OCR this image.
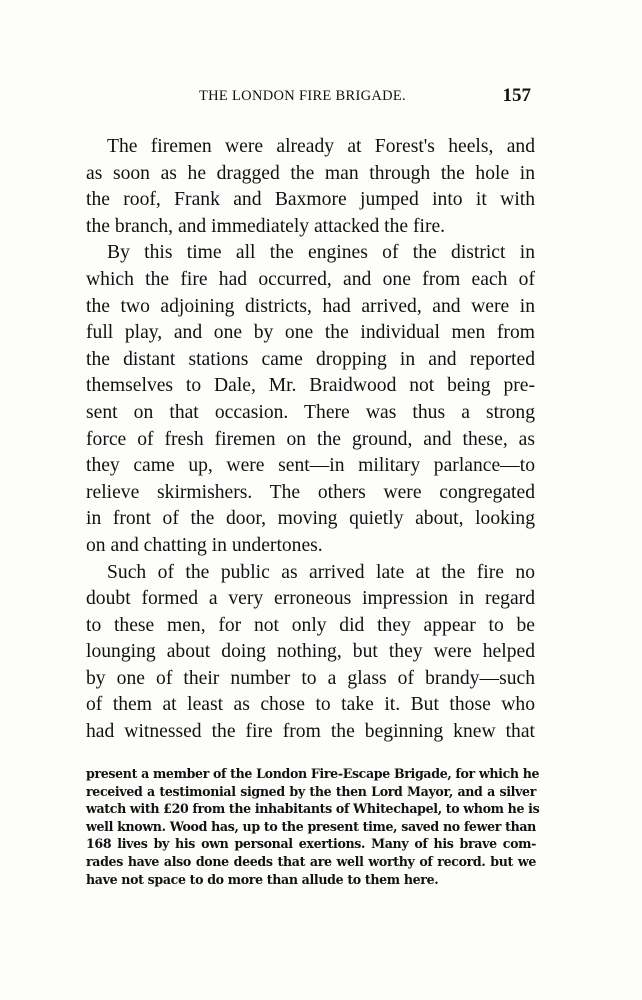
THE LONDON FIRE BRIGADE.	157
The firemen were already at Forest's heels, and
as soon as he dragged the man through the hole in
the roof, Frank and Baxmore jumped into it with
the branch, and immediately attacked the fire.
By this time all the engines of the district in
which the fire had occurred, and one from each of
the two adjoining districts, had arrived, and were in
full play, and one by one the individual men from
the distant stations came dropping in and reported
themselves to Dale, Mr. Braidwood not being pre-
sent on that occasion. There was thus a strong
force of fresh firemen on the ground, and these, as
they came up, were sent—in military parlance—to
relieve skirmishers. The others were congregated
in front of the door, moving quietly about, looking
on and chatting in undertones.
Such of the public as arrived late at the fire no
doubt formed a very erroneous impression in regard
to these men, for not only did they appear to be
lounging about doing nothing, but they were helped
by one of their number to a glass of brandy—such
of them at least as chose to take it. But those who
had witnessed the fire from the beginning knew that
present a member of the London Fire-Escape Brigade, for which he
received a testimonial signed by the then Lord Mayor, and a silver
watch with £20 from the inhabitants of Whitechapel, to whom he is
well known. Wood has, up to the present time, saved no fewer than
168 lives by his own personal exertions. Many of his brave com-
rades have also done deeds that are well worthy of record. but we
have not space to do more than allude to them here.
